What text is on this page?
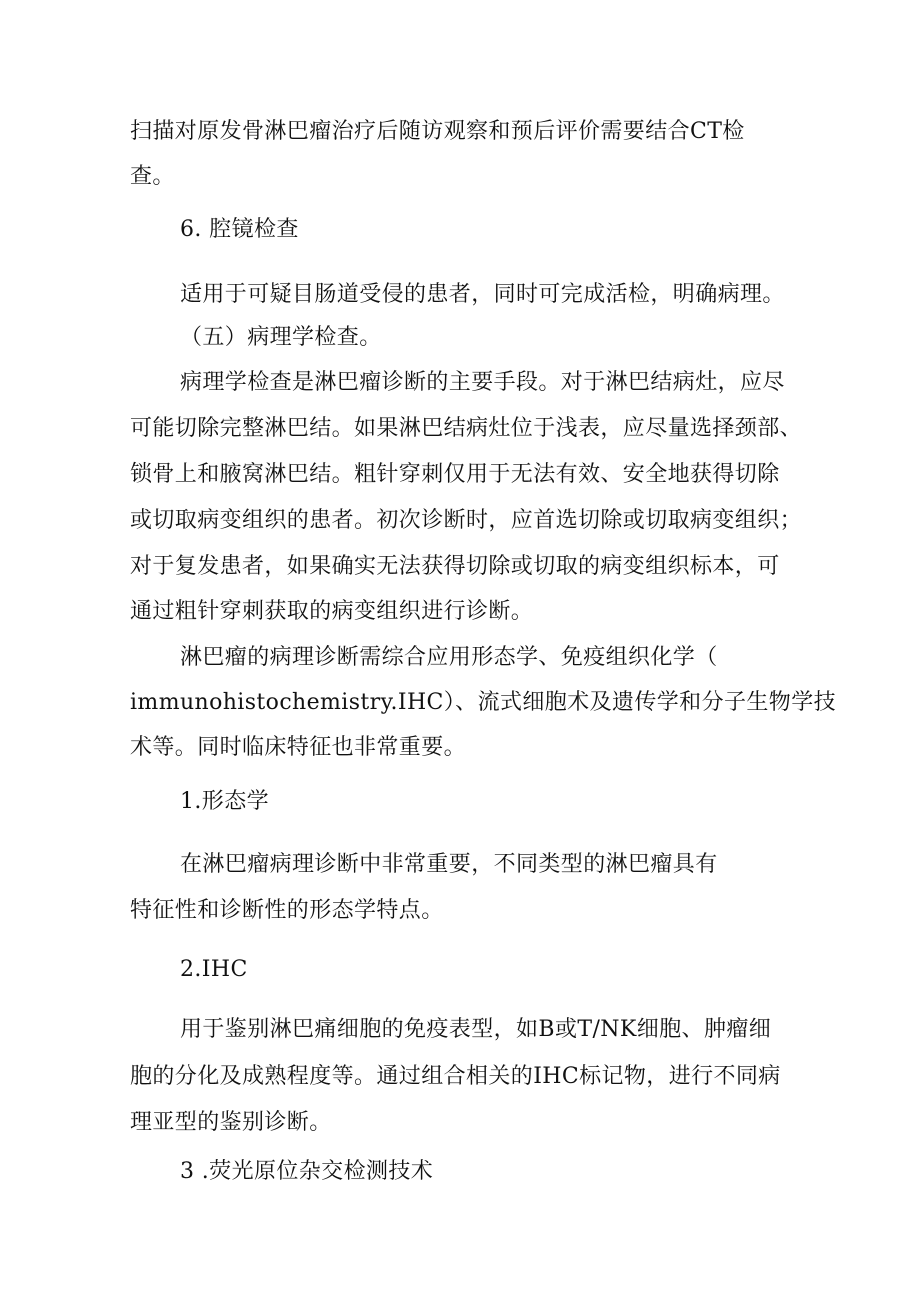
扫描对原发骨淋巴瘤治疗后随访观察和预后评价需要结合CT检
查。
6. 腔镜检查
适用于可疑目肠道受侵的患者，同时可完成活检，明确病理。
（五）病理学检查。
病理学检查是淋巴瘤诊断的主要手段。对于淋巴结病灶，应尽
可能切除完整淋巴结。如果淋巴结病灶位于浅表，应尽量选择颈部、
锁骨上和腋窝淋巴结。粗针穿刺仅用于无法有效、安全地获得切除
或切取病变组织的患者。初次诊断时，应首选切除或切取病变组织；
对于复发患者，如果确实无法获得切除或切取的病变组织标本，可
通过粗针穿刺获取的病变组织进行诊断。
淋巴瘤的病理诊断需综合应用形态学、免疫组织化学（
immunohistochemistry.IHC）、流式细胞术及遗传学和分子生物学技
术等。同时临床特征也非常重要。
1.形态学
在淋巴瘤病理诊断中非常重要，不同类型的淋巴瘤具有
特征性和诊断性的形态学特点。
2.IHC
用于鉴别淋巴痛细胞的免疫表型，如B或T/NK细胞、肿瘤细
胞的分化及成熟程度等。通过组合相关的IHC标记物，进行不同病
理亚型的鉴别诊断。
3 .荧光原位杂交检测技术
